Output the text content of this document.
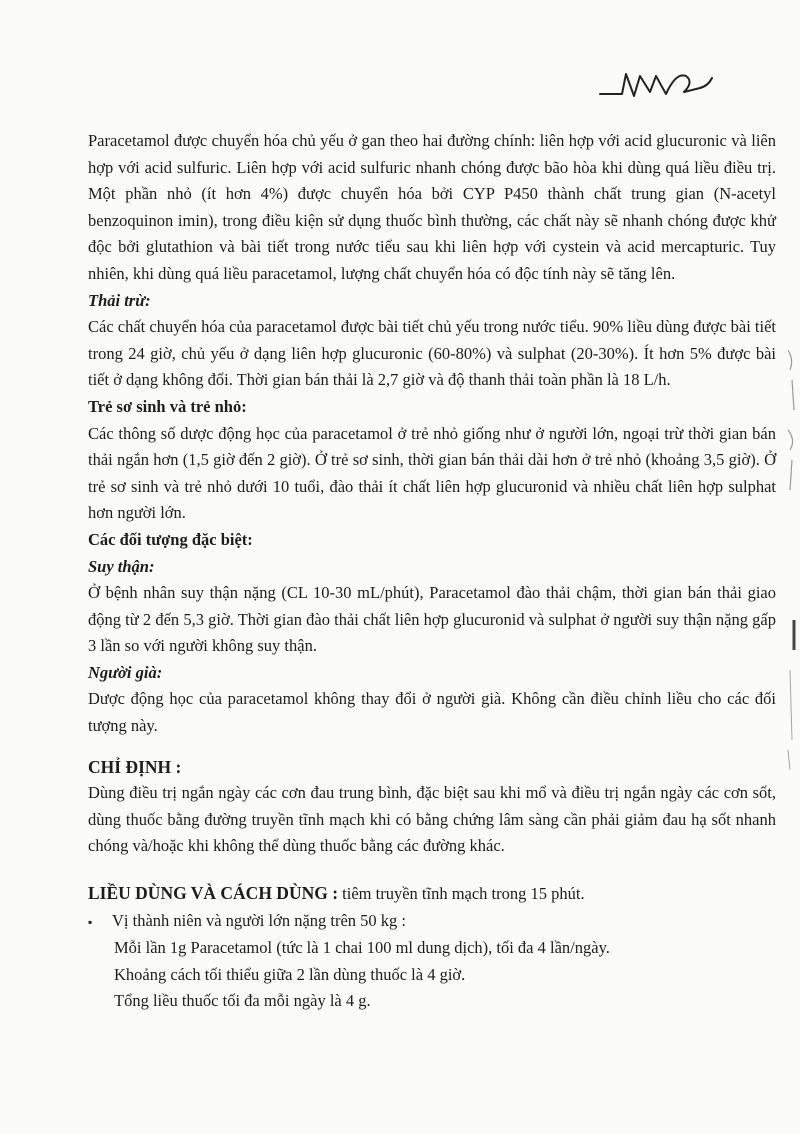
Paracetamol được chuyển hóa chủ yếu ở gan theo hai đường chính: liên hợp với acid glucuronic và liên hợp với acid sulfuric. Liên hợp với acid sulfuric nhanh chóng được bão hòa khi dùng quá liều điều trị. Một phần nhỏ (ít hơn 4%) được chuyển hóa bởi CYP P450 thành chất trung gian (N-acetyl benzoquinon imin), trong điều kiện sử dụng thuốc bình thường, các chất này sẽ nhanh chóng được khử độc bởi glutathion và bài tiết trong nước tiểu sau khi liên hợp với cystein và acid mercapturic. Tuy nhiên, khi dùng quá liều paracetamol, lượng chất chuyển hóa có độc tính này sẽ tăng lên.

Thải trừ:

Các chất chuyển hóa của paracetamol được bài tiết chủ yếu trong nước tiểu. 90% liều dùng được bài tiết trong 24 giờ, chủ yếu ở dạng liên hợp glucuronic (60-80%) và sulphat (20-30%). Ít hơn 5% được bài tiết ở dạng không đổi. Thời gian bán thải là 2,7 giờ và độ thanh thải toàn phần là 18 L/h.

Trẻ sơ sinh và trẻ nhỏ:

Các thông số dược động học của paracetamol ở trẻ nhỏ giống như ở người lớn, ngoại trừ thời gian bán thải ngắn hơn (1,5 giờ đến 2 giờ). Ở trẻ sơ sinh, thời gian bán thải dài hơn ở trẻ nhỏ (khoảng 3,5 giờ). Ở trẻ sơ sinh và trẻ nhỏ dưới 10 tuổi, đào thải ít chất liên hợp glucuronid và nhiều chất liên hợp sulphat hơn người lớn.

Các đối tượng đặc biệt:

Suy thận:

Ở bệnh nhân suy thận nặng (CL 10-30 mL/phút), Paracetamol đào thải chậm, thời gian bán thải giao động từ 2 đến 5,3 giờ. Thời gian đào thải chất liên hợp glucuronid và sulphat ở người suy thận nặng gấp 3 lần so với người không suy thận.

Người già:

Dược động học của paracetamol không thay đổi ở người già. Không cần điều chỉnh liều cho các đối tượng này.

CHỈ ĐỊNH :

Dùng điều trị ngắn ngày các cơn đau trung bình, đặc biệt sau khi mổ và điều trị ngắn ngày các cơn sốt, dùng thuốc bằng đường truyền tĩnh mạch khi có bằng chứng lâm sàng cần phải giảm đau hạ sốt nhanh chóng và/hoặc khi không thể dùng thuốc bằng các đường khác.

LIỀU DÙNG VÀ CÁCH DÙNG : tiêm truyền tĩnh mạch trong 15 phút.

▪	Vị thành niên và người lớn nặng trên 50 kg :

Mỗi lần 1g Paracetamol (tức là 1 chai 100 ml dung dịch), tối đa 4 lần/ngày.

Khoảng cách tối thiểu giữa 2 lần dùng thuốc là 4 giờ.

Tổng liều thuốc tối đa mỗi ngày là 4 g.
